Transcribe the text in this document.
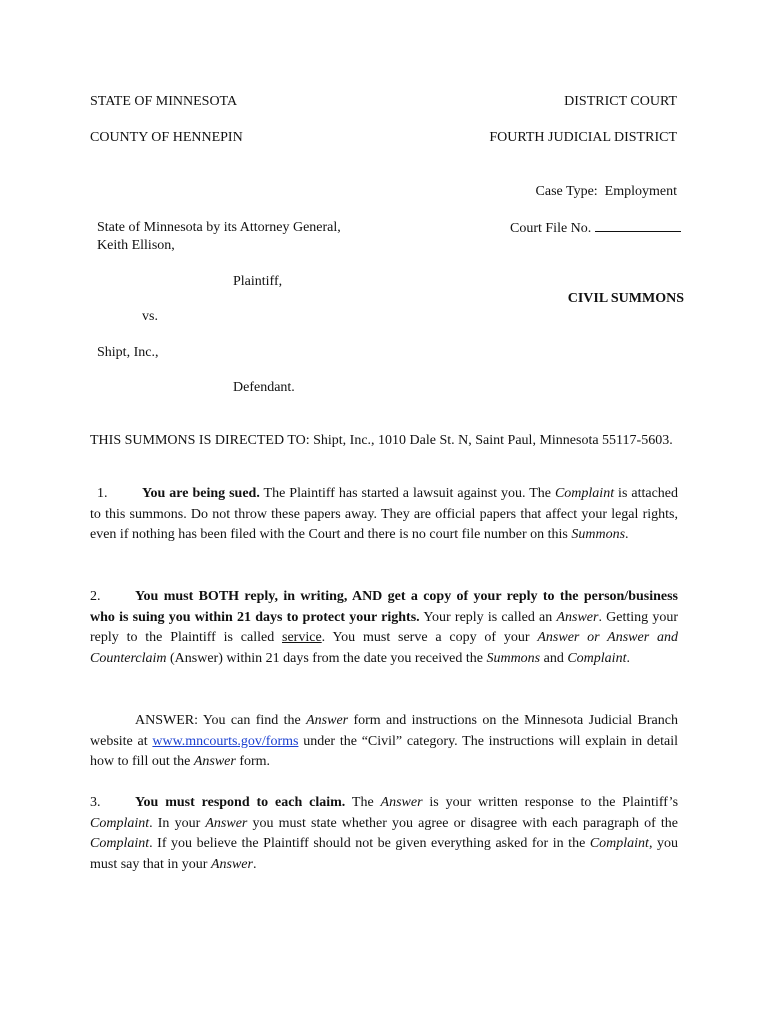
STATE OF MINNESOTA	DISTRICT COURT
COUNTY OF HENNEPIN	FOURTH JUDICIAL DISTRICT
Case Type: Employment
State of Minnesota by its Attorney General,
Keith Ellison,
Court File No.
Plaintiff,
CIVIL SUMMONS
vs.
Shipt, Inc.,
Defendant.
THIS SUMMONS IS DIRECTED TO: Shipt, Inc., 1010 Dale St. N, Saint Paul, Minnesota 55117-5603.

1. You are being sued. The Plaintiff has started a lawsuit against you. The Complaint is attached to this summons. Do not throw these papers away. They are official papers that affect your legal rights, even if nothing has been filed with the Court and there is no court file number on this Summons.

2. You must BOTH reply, in writing, AND get a copy of your reply to the person/business who is suing you within 21 days to protect your rights. Your reply is called an Answer. Getting your reply to the Plaintiff is called service. You must serve a copy of your Answer or Answer and Counterclaim (Answer) within 21 days from the date you received the Summons and Complaint.

ANSWER: You can find the Answer form and instructions on the Minnesota Judicial Branch website at www.mncourts.gov/forms under the “Civil” category. The instructions will explain in detail how to fill out the Answer form.

3. You must respond to each claim. The Answer is your written response to the Plaintiff’s Complaint. In your Answer you must state whether you agree or disagree with each paragraph of the Complaint. If you believe the Plaintiff should not be given everything asked for in the Complaint, you must say that in your Answer.
